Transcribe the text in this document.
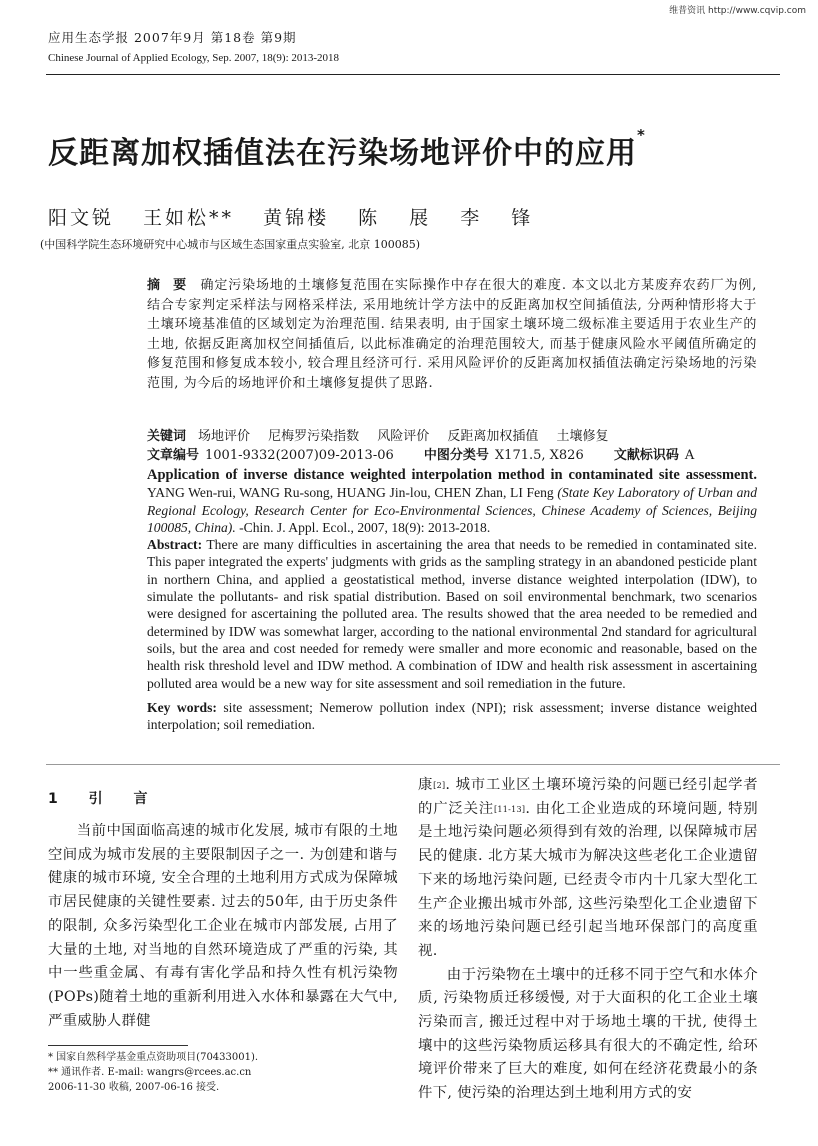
维普资讯 http://www.cqvip.com
应用生态学报 2007年9月 第18卷 第9期
Chinese Journal of Applied Ecology, Sep. 2007, 18(9): 2013-2018
反距离加权插值法在污染场地评价中的应用*
阳文锐 王如松** 黄锦楼 陈 展 李 锋
(中国科学院生态环境研究中心城市与区域生态国家重点实验室, 北京 100085)
摘 要 确定污染场地的土壤修复范围在实际操作中存在很大的难度. 本文以北方某废弃农药厂为例, 结合专家判定采样法与网格采样法, 采用地统计学方法中的反距离加权空间插值法, 分两种情形将大于土壤环境基准值的区域划定为治理范围. 结果表明, 由于国家土壤环境二级标准主要适用于农业生产的土地, 依据反距离加权空间插值后, 以此标准确定的治理范围较大, 而基于健康风险水平阈值所确定的修复范围和修复成本较小, 较合理且经济可行. 采用风险评价的反距离加权插值法确定污染场地的污染范围, 为今后的场地评价和土壤修复提供了思路.
关键词 场地评价 尼梅罗污染指数 风险评价 反距离加权插值 土壤修复
文章编号 1001-9332(2007)09-2013-06 中图分类号 X171.5, X826 文献标识码 A

Application of inverse distance weighted interpolation method in contaminated site assessment. YANG Wen-rui, WANG Ru-song, HUANG Jin-lou, CHEN Zhan, LI Feng (State Key Laboratory of Urban and Regional Ecology, Research Center for Eco-Environmental Sciences, Chinese Academy of Sciences, Beijing 100085, China). -Chin. J. Appl. Ecol., 2007, 18(9): 2013-2018.

Abstract: There are many difficulties in ascertaining the area that needs to be remedied in contaminated site. This paper integrated the experts' judgments with grids as the sampling strategy in an abandoned pesticide plant in northern China, and applied a geostatistical method, inverse distance weighted interpolation (IDW), to simulate the pollutants- and risk spatial distribution. Based on soil environmental benchmark, two scenarios were designed for ascertaining the polluted area. The results showed that the area needed to be remedied and determined by IDW was somewhat larger, according to the national environmental 2nd standard for agricultural soils, but the area and cost needed for remedy were smaller and more economic and reasonable, based on the health risk threshold level and IDW method. A combination of IDW and health risk assessment in ascertaining polluted area would be a new way for site assessment and soil remediation in the future.

Key words: site assessment; Nemerow pollution index (NPI); risk assessment; inverse distance weighted interpolation; soil remediation.

1 引 言

当前中国面临高速的城市化发展, 城市有限的土地空间成为城市发展的主要限制因子之一. 为创建和谐与健康的城市环境, 安全合理的土地利用方式成为保障城市居民健康的关键性要素. 过去的50年, 由于历史条件的限制, 众多污染型化工企业在城市内部发展, 占用了大量的土地, 对当地的自然环境造成了严重的污染, 其中一些重金属、有毒有害化学品和持久性有机污染物(POPs)随着土地的重新利用进入水体和暴露在大气中, 严重威胁人群健

康[2]. 城市工业区土壤环境污染的问题已经引起学者的广泛关注[11-13]. 由化工企业造成的环境问题, 特别是土地污染问题必须得到有效的治理, 以保障城市居民的健康. 北方某大城市为解决这些老化工企业遗留下来的场地污染问题, 已经责令市内十几家大型化工生产企业搬出城市外部, 这些污染型化工企业遗留下来的场地污染问题已经引起当地环保部门的高度重视.

由于污染物在土壤中的迁移不同于空气和水体介质, 污染物质迁移缓慢, 对于大面积的化工企业土壤污染而言, 搬迁过程中对于场地土壤的干扰, 使得土壤中的这些污染物质运移具有很大的不确定性, 给环境评价带来了巨大的难度, 如何在经济花费最小的条件下, 使污染的治理达到土地利用方式的安

* 国家自然科学基金重点资助项目(70433001).
** 通讯作者. E-mail: wangrs@rcees.ac.cn
2006-11-30 收稿, 2007-06-16 接受.
